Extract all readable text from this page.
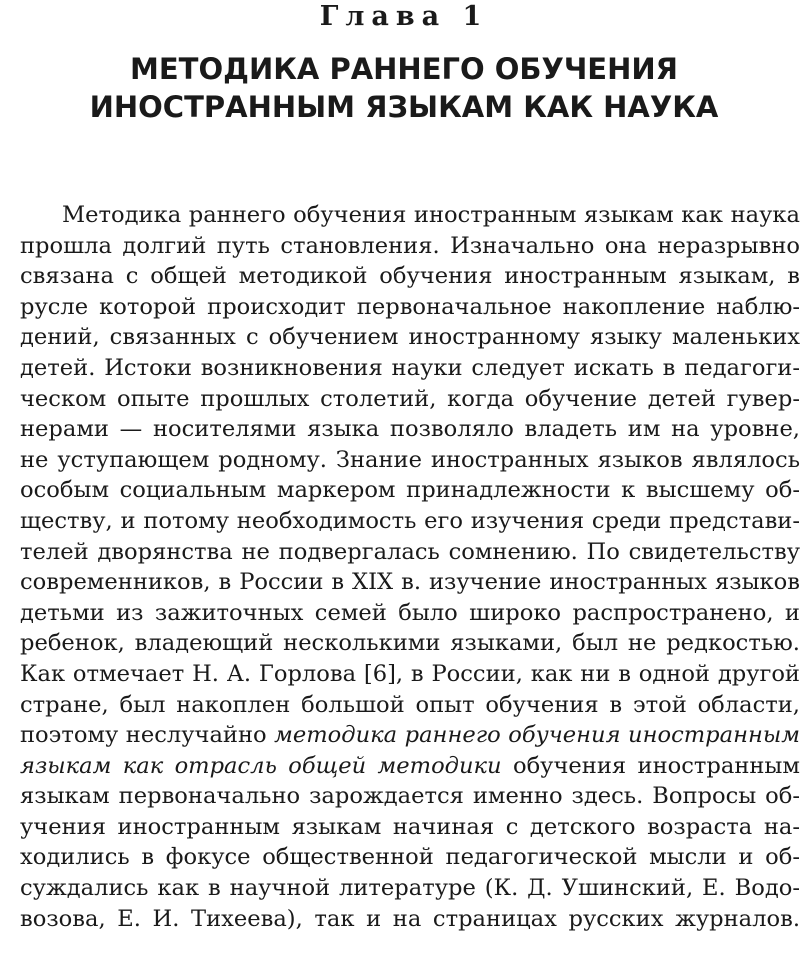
Глава 1
МЕТОДИКА РАННЕГО ОБУЧЕНИЯ
ИНОСТРАННЫМ ЯЗЫКАМ КАК НАУКА
Методика раннего обучения иностранным языкам как наука
прошла долгий путь становления. Изначально она неразрывно
связана с общей методикой обучения иностранным языкам, в
русле которой происходит первоначальное накопление наблю-
дений, связанных с обучением иностранному языку маленьких
детей. Истоки возникновения науки следует искать в педагоги-
ческом опыте прошлых столетий, когда обучение детей гувер-
нерами — носителями языка позволяло владеть им на уровне,
не уступающем родному. Знание иностранных языков являлось
особым социальным маркером принадлежности к высшему об-
ществу, и потому необходимость его изучения среди представи-
телей дворянства не подвергалась сомнению. По свидетельству
современников, в России в XIX в. изучение иностранных языков
детьми из зажиточных семей было широко распространено, и
ребенок, владеющий несколькими языками, был не редкостью.
Как отмечает Н. А. Горлова [6], в России, как ни в одной другой
стране, был накоплен большой опыт обучения в этой области,
поэтому неслучайно методика раннего обучения иностранным
языкам как отрасль общей методики обучения иностранным
языкам первоначально зарождается именно здесь. Вопросы об-
учения иностранным языкам начиная с детского возраста на-
ходились в фокусе общественной педагогической мысли и об-
суждались как в научной литературе (К. Д. Ушинский, Е. Водо-
возова, Е. И. Тихеева), так и на страницах русских журналов.
